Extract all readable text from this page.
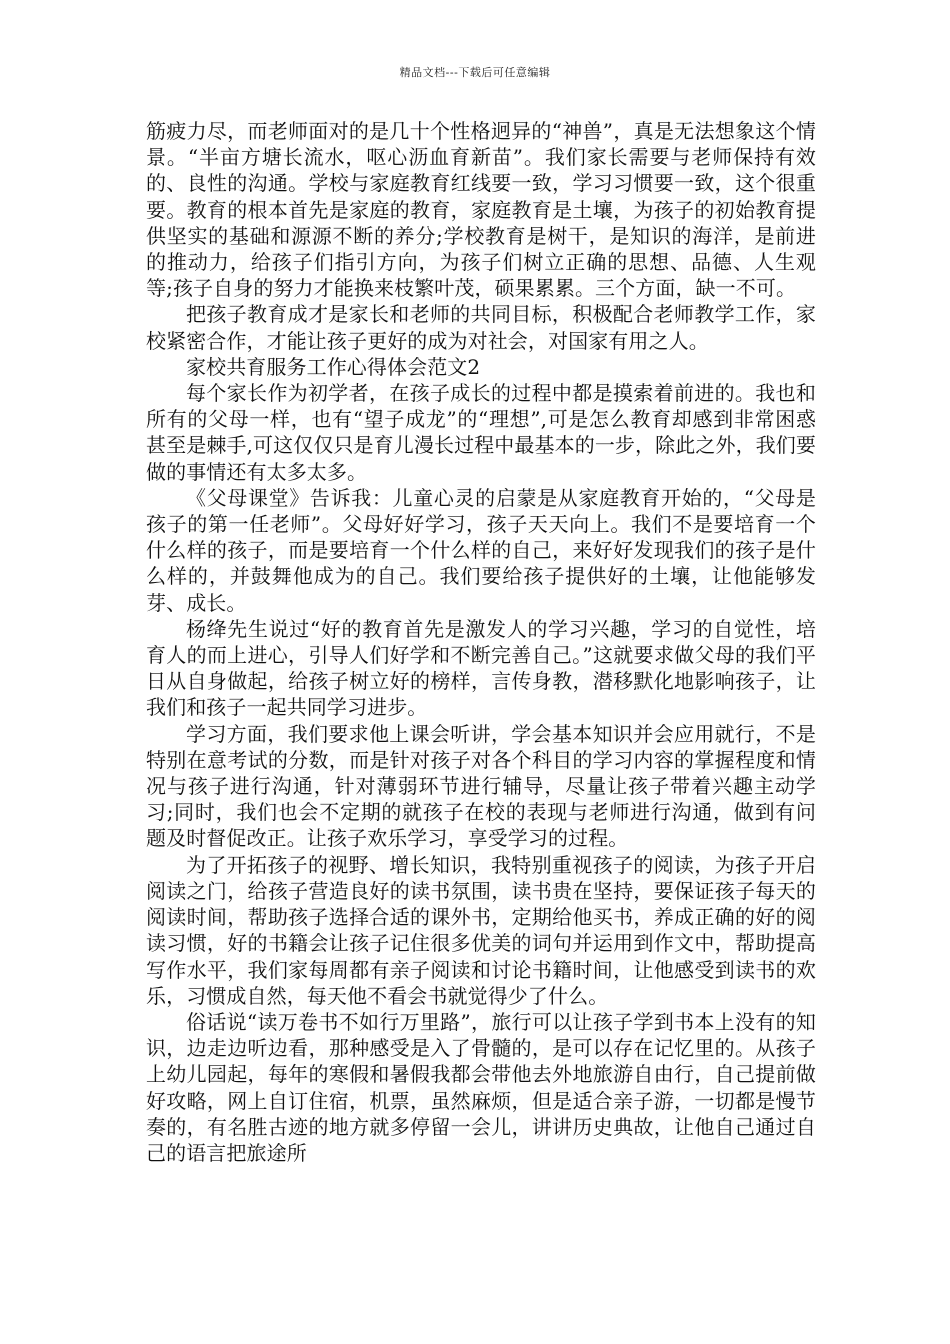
精品文档---下载后可任意编辑

筋疲力尽，而老师面对的是几十个性格迥异的“神兽”，真是无法想象这个情景。“半亩方塘长流水，呕心沥血育新苗”。我们家长需要与老师保持有效的、良性的沟通。学校与家庭教育红线要一致，学习习惯要一致，这个很重要。教育的根本首先是家庭的教育，家庭教育是土壤，为孩子的初始教育提供坚实的基础和源源不断的养分;学校教育是树干，是知识的海洋，是前进的推动力，给孩子们指引方向，为孩子们树立正确的思想、品德、人生观等;孩子自身的努力才能换来枝繁叶茂，硕果累累。三个方面，缺一不可。

把孩子教育成才是家长和老师的共同目标，积极配合老师教学工作，家校紧密合作，才能让孩子更好的成为对社会，对国家有用之人。

家校共育服务工作心得体会范文2

每个家长作为初学者，在孩子成长的过程中都是摸索着前进的。我也和所有的父母一样，也有“望子成龙”的“理想”,可是怎么教育却感到非常困惑甚至是棘手,可这仅仅只是育儿漫长过程中最基本的一步，除此之外，我们要做的事情还有太多太多。

《父母课堂》告诉我：儿童心灵的启蒙是从家庭教育开始的，“父母是孩子的第一任老师”。父母好好学习，孩子天天向上。我们不是要培育一个什么样的孩子，而是要培育一个什么样的自己，来好好发现我们的孩子是什么样的，并鼓舞他成为的自己。我们要给孩子提供好的土壤，让他能够发芽、成长。

杨绛先生说过“好的教育首先是激发人的学习兴趣，学习的自觉性，培育人的而上进心，引导人们好学和不断完善自己。”这就要求做父母的我们平日从自身做起，给孩子树立好的榜样，言传身教，潜移默化地影响孩子，让我们和孩子一起共同学习进步。

学习方面，我们要求他上课会听讲，学会基本知识并会应用就行，不是特别在意考试的分数，而是针对孩子对各个科目的学习内容的掌握程度和情况与孩子进行沟通，针对薄弱环节进行辅导，尽量让孩子带着兴趣主动学习;同时，我们也会不定期的就孩子在校的表现与老师进行沟通，做到有问题及时督促改正。让孩子欢乐学习，享受学习的过程。

为了开拓孩子的视野、增长知识，我特别重视孩子的阅读，为孩子开启阅读之门，给孩子营造良好的读书氛围，读书贵在坚持，要保证孩子每天的阅读时间，帮助孩子选择合适的课外书，定期给他买书，养成正确的好的阅读习惯，好的书籍会让孩子记住很多优美的词句并运用到作文中，帮助提高写作水平，我们家每周都有亲子阅读和讨论书籍时间，让他感受到读书的欢乐，习惯成自然，每天他不看会书就觉得少了什么。

俗话说“读万卷书不如行万里路”，旅行可以让孩子学到书本上没有的知识，边走边听边看，那种感受是入了骨髓的，是可以存在记忆里的。从孩子上幼儿园起，每年的寒假和暑假我都会带他去外地旅游自由行，自己提前做好攻略，网上自订住宿，机票，虽然麻烦，但是适合亲子游，一切都是慢节奏的，有名胜古迹的地方就多停留一会儿，讲讲历史典故，让他自己通过自己的语言把旅途所
